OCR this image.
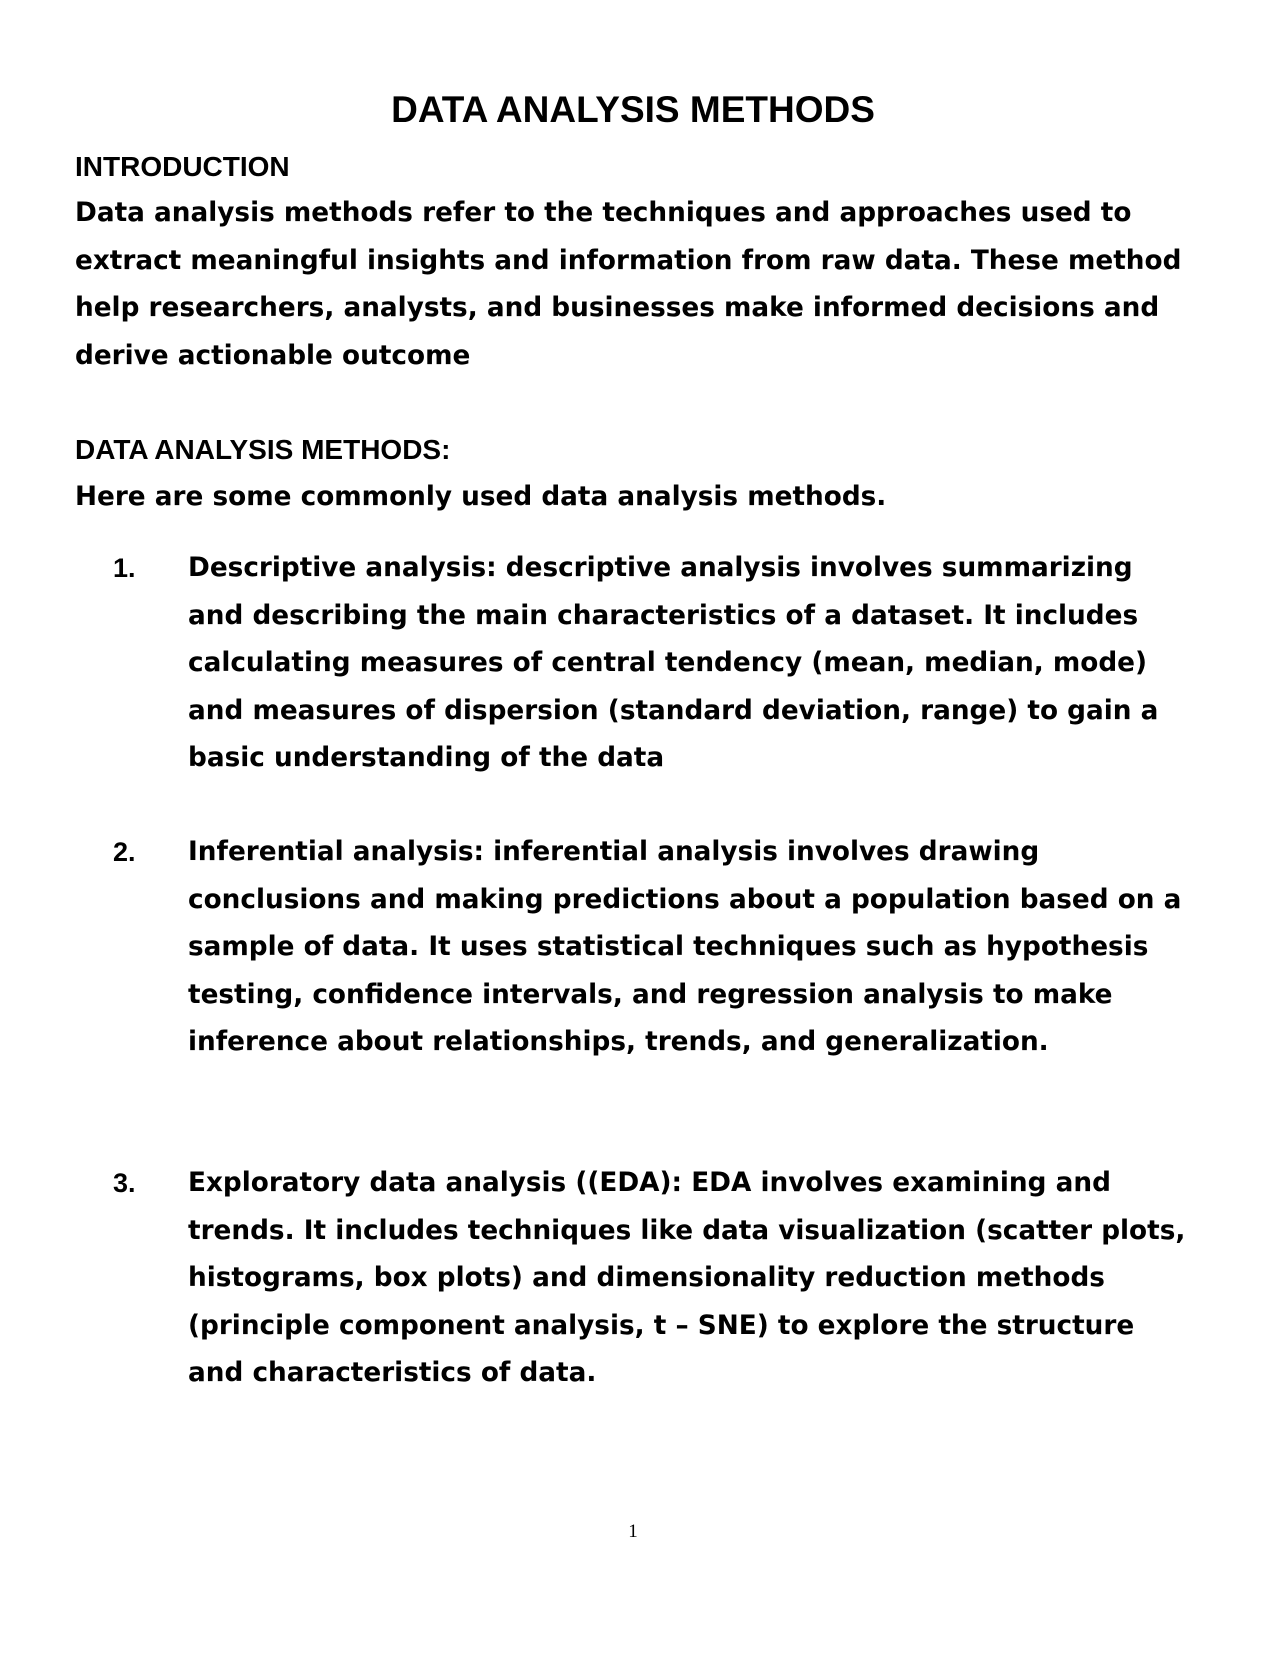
DATA ANALYSIS METHODS
INTRODUCTION

Data analysis methods refer to the techniques and approaches used to extract meaningful insights and information from raw data. These method help researchers, analysts, and businesses make informed decisions and derive actionable outcome

DATA ANALYSIS METHODS:

Here are some commonly used data analysis methods.

1. Descriptive analysis: descriptive analysis involves summarizing and describing the main characteristics of a dataset. It includes calculating measures of central tendency (mean, median, mode) and measures of dispersion (standard deviation, range) to gain a basic understanding of the data

2. Inferential analysis: inferential analysis involves drawing conclusions and making predictions about a population based on a sample of data. It uses statistical techniques such as hypothesis testing, confidence intervals, and regression analysis to make inference about relationships, trends, and generalization.

3. Exploratory data analysis ((EDA): EDA involves examining and trends. It includes techniques like data visualization (scatter plots, histograms, box plots) and dimensionality reduction methods (principle component analysis, t – SNE) to explore the structure and characteristics of data.

1
